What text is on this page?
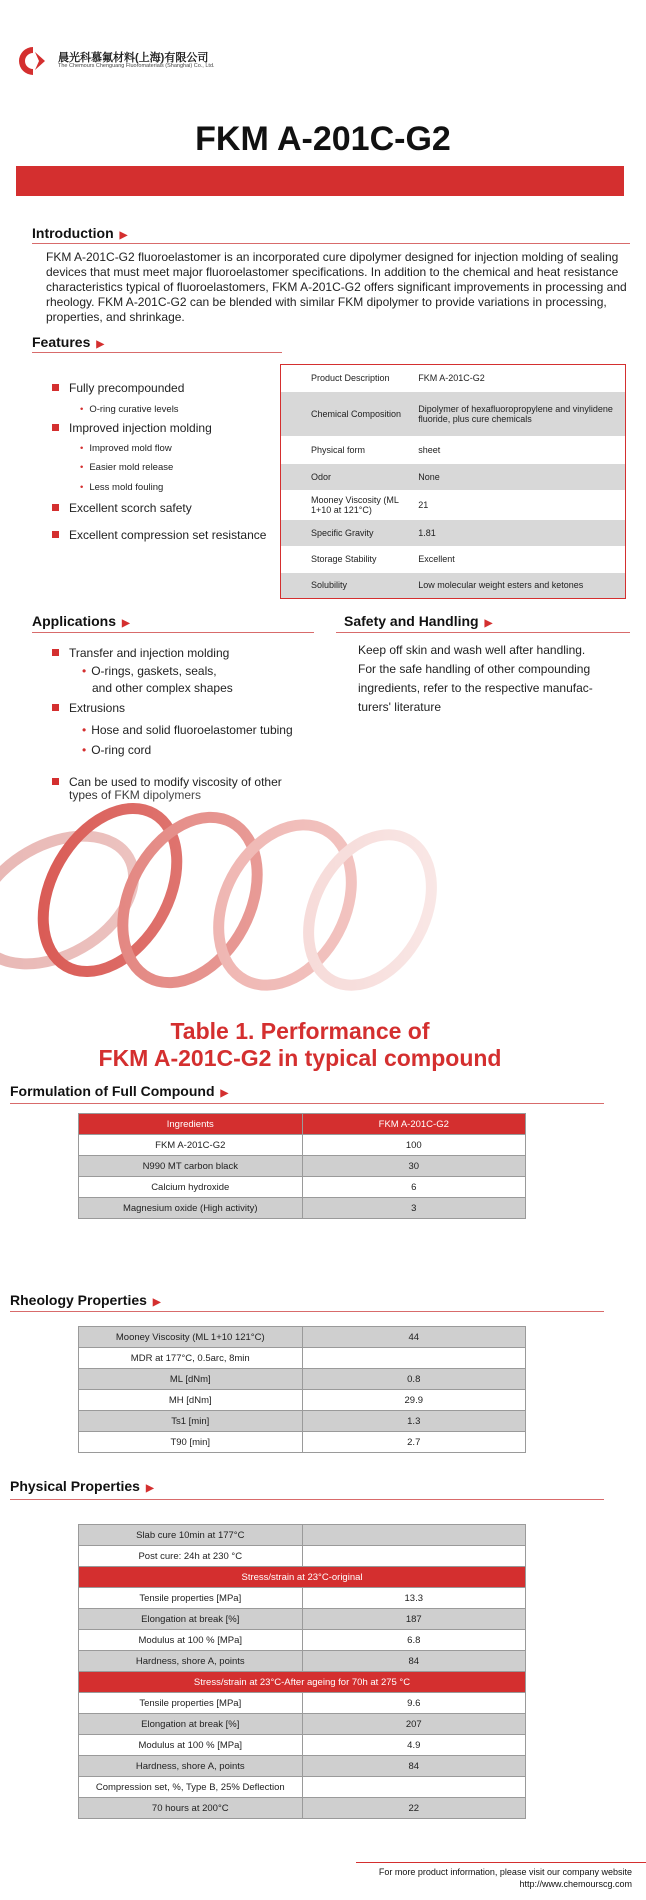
晨光科慕氟材料(上海)有限公司
The Chemours Chenguang Fluoromaterials (Shanghai) Co., Ltd.
FKM A-201C-G2
Introduction ▶
FKM A-201C-G2 fluoroelastomer is an incorporated cure dipolymer designed for injection molding of sealing devices that must meet major fluoroelastomer specifications. In addition to the chemical and heat resistance characteristics typical of fluoroelastomers, FKM A-201C-G2 offers significant improvements in processing and rheology. FKM A-201C-G2 can be blended with similar FKM dipolymer to provide variations in processing, properties, and shrinkage.
Features ▶
Fully precompounded
• O-ring curative levels
Improved injection molding
• Improved mold flow
• Easier mold release
• Less mold fouling
Excellent scorch safety
Excellent compression set resistance
Product Description	FKM A-201C-G2
Chemical Composition	Dipolymer of hexafluoropropylene and vinylidene fluoride, plus cure chemicals
Physical form	sheet
Odor	None
Mooney Viscosity (ML 1+10 at 121°C)	21
Specific Gravity	1.81
Storage Stability	Excellent
Solubility	Low molecular weight esters and ketones
Applications ▶
Transfer and injection molding
• O-rings, gaskets, seals,
and other complex shapes
Extrusions
• Hose and solid fluoroelastomer tubing
• O-ring cord
Can be used to modify viscosity of other
Safety and Handling ▶
Keep off skin and wash well after handling.
For the safe handling of other compounding
ingredients, refer to the respective manufac-
turers' literature
Table 1. Performance of
FKM A-201C-G2 in typical compound
Formulation of Full Compound ▶
Ingredients	FKM A-201C-G2
FKM A-201C-G2	100
N990 MT carbon black	30
Calcium hydroxide	6
Magnesium oxide (High activity)	3
Rheology Properties ▶
Mooney Viscosity (ML 1+10 121°C)	44
MDR at 177°C, 0.5arc, 8min	
ML [dNm]	0.8
MH [dNm]	29.9
Ts1 [min]	1.3
T90 [min]	2.7
Physical Properties ▶
Slab cure 10min at 177°C	
Post cure: 24h at 230 °C	
Stress/strain at 23°C-original	
Tensile properties [MPa]	13.3
Elongation at break [%]	187
Modulus at 100 % [MPa]	6.8
Hardness, shore A, points	84
Stress/strain at 23°C-After ageing for 70h at 275 °C	
Tensile properties [MPa]	9.6
Elongation at break [%]	207
Modulus at 100 % [MPa]	4.9
Hardness, shore A, points	84
Compression set, %, Type B, 25% Deflection	
70 hours at 200°C	22
For more product information, please visit our company website
http://www.chemourscg.com
